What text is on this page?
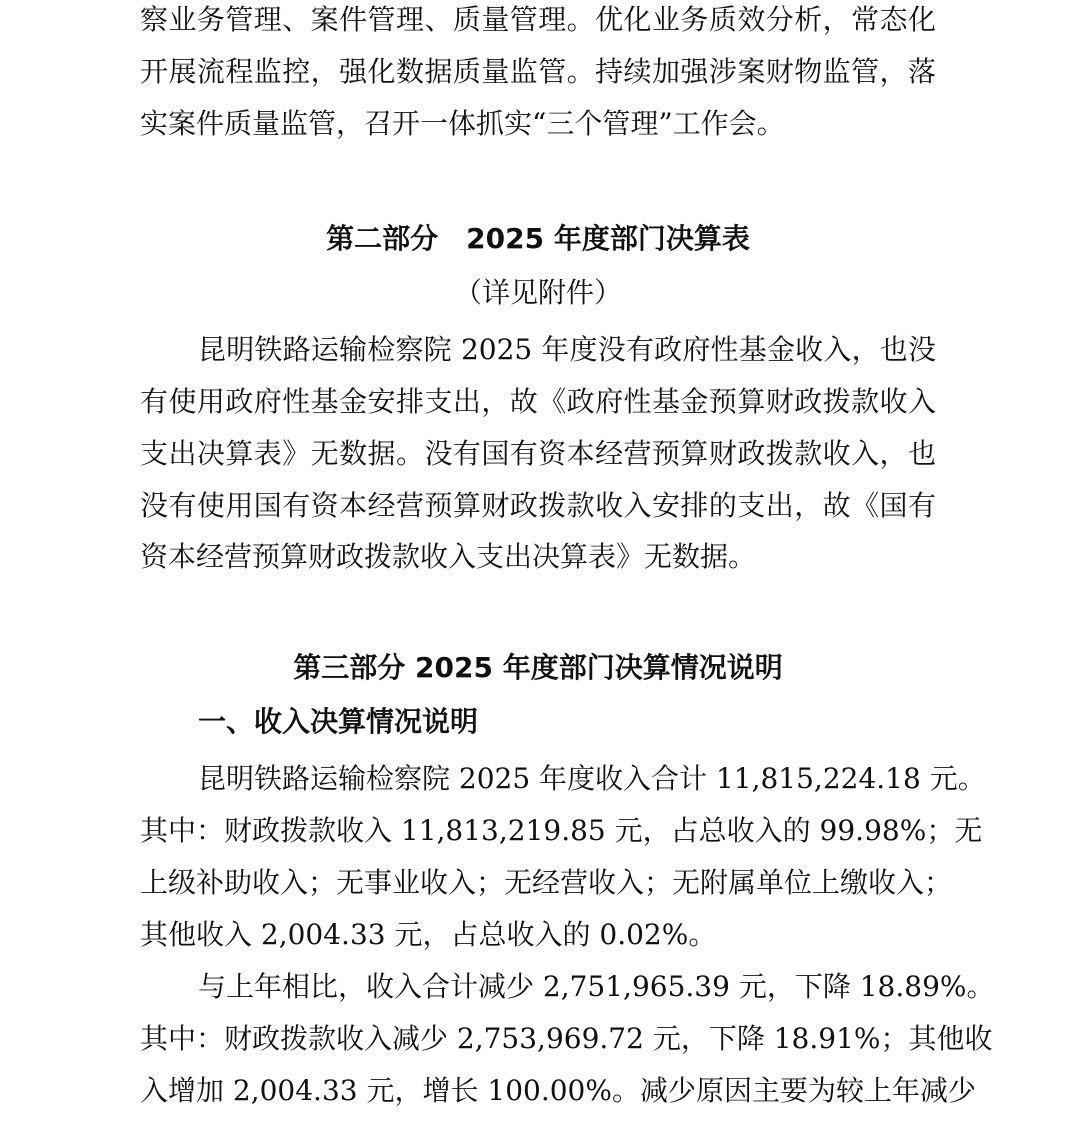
察业务管理、案件管理、质量管理。优化业务质效分析，常态化
开展流程监控，强化数据质量监管。持续加强涉案财物监管，落
实案件质量监管，召开一体抓实“三个管理”工作会。
第二部分　2025 年度部门决算表
（详见附件）
昆明铁路运输检察院 2025 年度没有政府性基金收入，也没
有使用政府性基金安排支出，故《政府性基金预算财政拨款收入
支出决算表》无数据。没有国有资本经营预算财政拨款收入，也
没有使用国有资本经营预算财政拨款收入安排的支出，故《国有
资本经营预算财政拨款收入支出决算表》无数据。
第三部分 2025 年度部门决算情况说明
一、收入决算情况说明
昆明铁路运输检察院 2025 年度收入合计 11,815,224.18 元。
其中：财政拨款收入 11,813,219.85 元，占总收入的 99.98%；无
上级补助收入；无事业收入；无经营收入；无附属单位上缴收入；
其他收入 2,004.33 元，占总收入的 0.02%。
与上年相比，收入合计减少 2,751,965.39 元，下降 18.89%。
其中：财政拨款收入减少 2,753,969.72 元，下降 18.91%；其他收
入增加 2,004.33 元，增长 100.00%。减少原因主要为较上年减少
